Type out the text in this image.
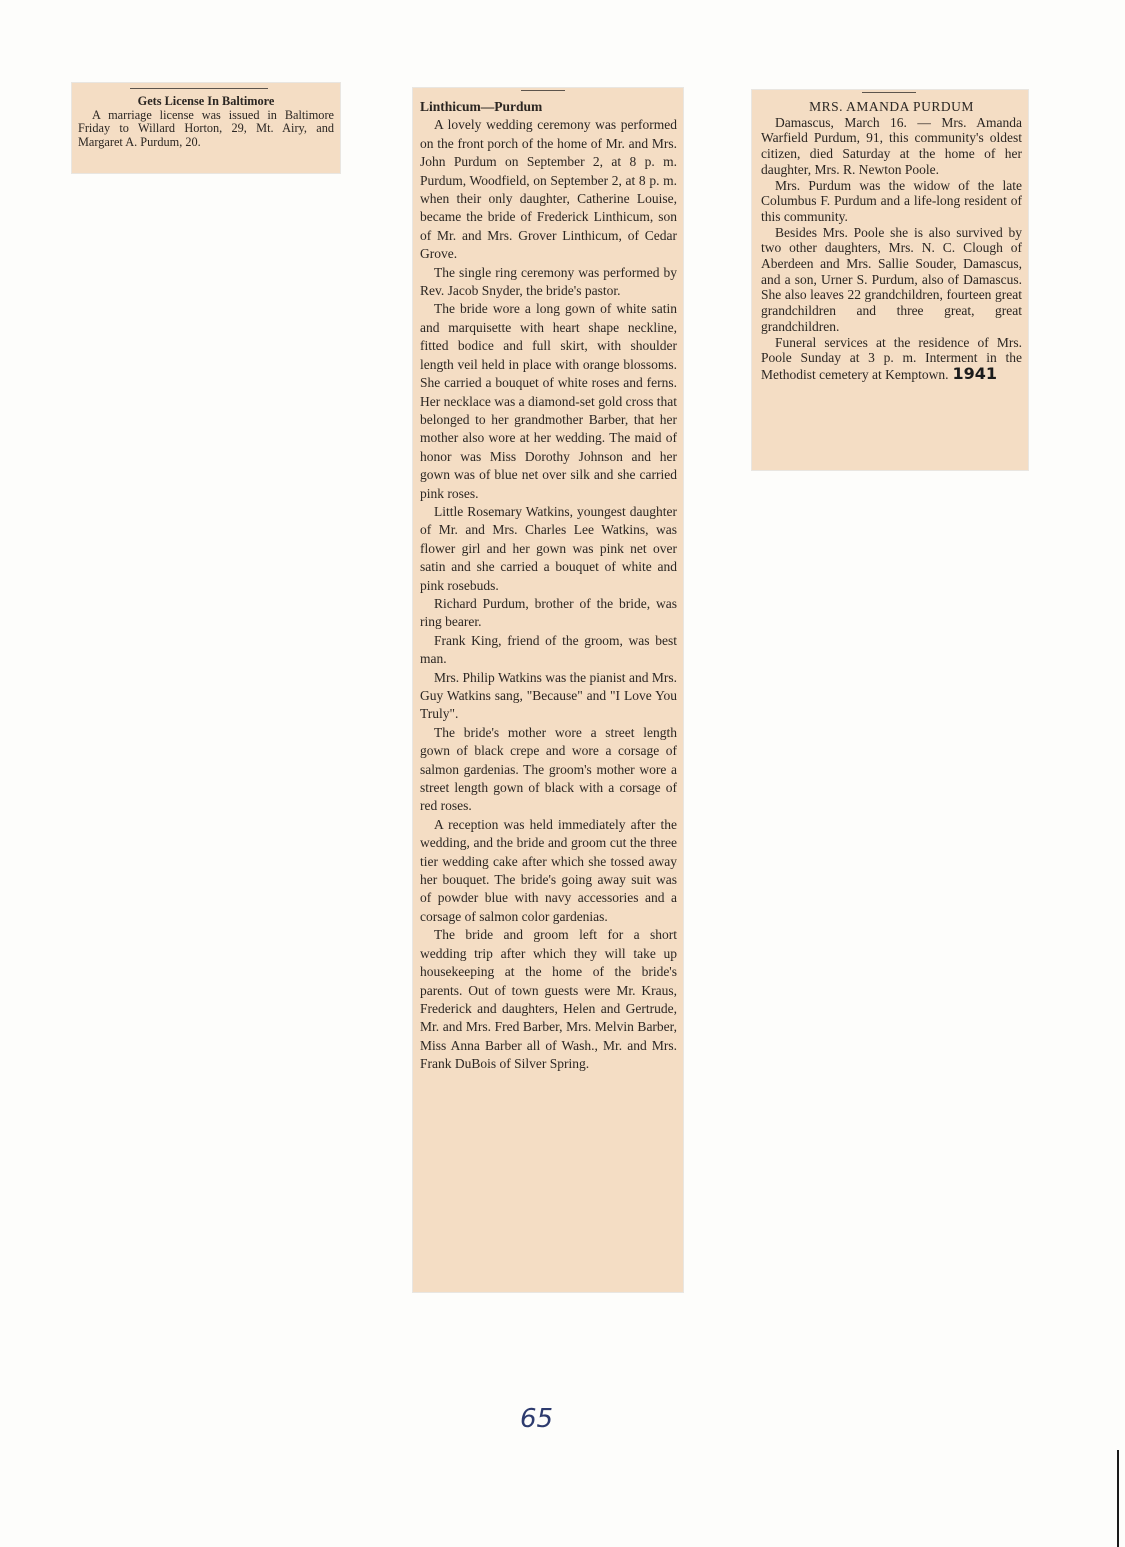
Gets License In Baltimore

A marriage license was issued in Baltimore Friday to Willard Horton, 29, Mt. Airy, and Margaret A. Purdum, 20.

Linthicum—Purdum

A lovely wedding ceremony was performed on the front porch of the home of Mr. and Mrs. John Purdum on September 2, at 8 p. m. Purdum, Woodfield, on September 2, at 8 p. m. when their only daughter, Catherine Louise, became the bride of Frederick Linthicum, son of Mr. and Mrs. Grover Linthicum, of Cedar Grove.

The single ring ceremony was performed by Rev. Jacob Snyder, the bride's pastor.

The bride wore a long gown of white satin and marquisette with heart shape neckline, fitted bodice and full skirt, with shoulder length veil held in place with orange blossoms. She carried a bouquet of white roses and ferns. Her necklace was a diamond-set gold cross that belonged to her grandmother Barber, that her mother also wore at her wedding. The maid of honor was Miss Dorothy Johnson and her gown was of blue net over silk and she carried pink roses.

Little Rosemary Watkins, youngest daughter of Mr. and Mrs. Charles Lee Watkins, was flower girl and her gown was pink net over satin and she carried a bouquet of white and pink rosebuds.

Richard Purdum, brother of the bride, was ring bearer.

Frank King, friend of the groom, was best man.

Mrs. Philip Watkins was the pianist and Mrs. Guy Watkins sang, "Because" and "I Love You Truly".

The bride's mother wore a street length gown of black crepe and wore a corsage of salmon gardenias. The groom's mother wore a street length gown of black with a corsage of red roses.

A reception was held immediately after the wedding, and the bride and groom cut the three tier wedding cake after which she tossed away her bouquet. The bride's going away suit was of powder blue with navy accessories and a corsage of salmon color gardenias.

The bride and groom left for a short wedding trip after which they will take up housekeeping at the home of the bride's parents. Out of town guests were Mr. Kraus, Frederick and daughters, Helen and Gertrude, Mr. and Mrs. Fred Barber, Mrs. Melvin Barber, Miss Anna Barber all of Wash., Mr. and Mrs. Frank DuBois of Silver Spring.

MRS. AMANDA PURDUM

Damascus, March 16. — Mrs. Amanda Warfield Purdum, 91, this community's oldest citizen, died Saturday at the home of her daughter, Mrs. R. Newton Poole.

Mrs. Purdum was the widow of the late Columbus F. Purdum and a life-long resident of this community.

Besides Mrs. Poole she is also survived by two other daughters, Mrs. N. C. Clough of Aberdeen and Mrs. Sallie Souder, Damascus, and a son, Urner S. Purdum, also of Damascus. She also leaves 22 grandchildren, fourteen great grandchildren and three great, great grandchildren.

Funeral services at the residence of Mrs. Poole Sunday at 3 p. m. Interment in the Methodist cemetery at Kemptown. 1941

65
